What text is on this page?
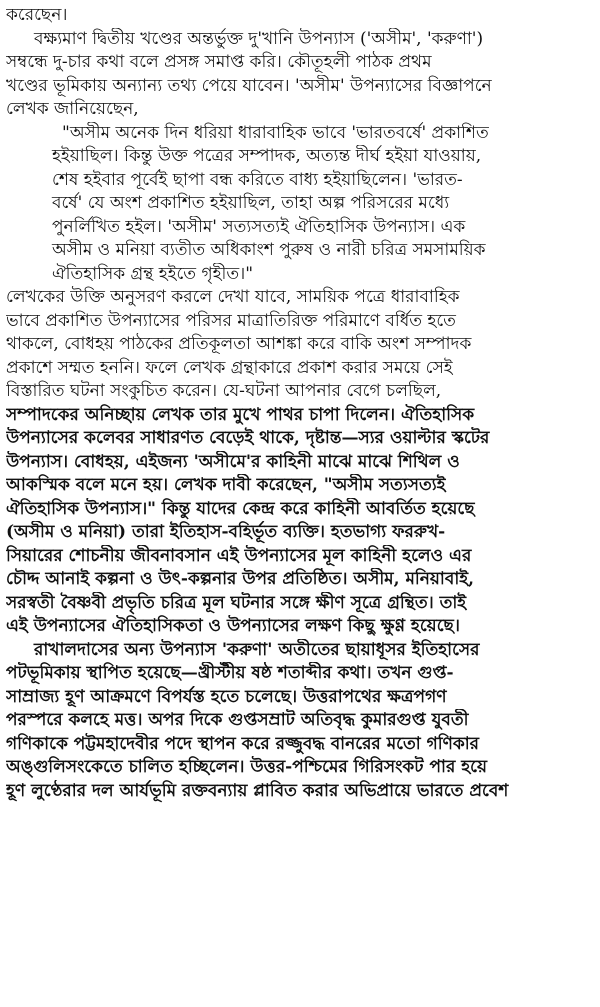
করেছেন।
বক্ষ্যমাণ দ্বিতীয় খণ্ডের অন্তর্ভুক্ত দু'খানি উপন্যাস ('অসীম', 'করুণা')
সম্বন্ধে দু-চার কথা বলে প্রসঙ্গ সমাপ্ত করি। কৌতূহলী পাঠক প্রথম
খণ্ডের ভূমিকায় অন্যান্য তথ্য পেয়ে যাবেন। 'অসীম' উপন্যাসের বিজ্ঞাপনে
লেখক জানিয়েছেন,
"অসীম অনেক দিন ধরিয়া ধারাবাহিক ভাবে 'ভারতবর্ষে' প্রকাশিত
হইয়াছিল। কিন্তু উক্ত পত্রের সম্পাদক, অত্যন্ত দীর্ঘ হইয়া যাওয়ায়,
শেষ হইবার পূর্বেই ছাপা বন্ধ করিতে বাধ্য হইয়াছিলেন। 'ভারত-
বর্ষে' যে অংশ প্রকাশিত হইয়াছিল, তাহা অল্প পরিসরের মধ্যে
পুনর্লিখিত হইল। 'অসীম' সত্যসত্যই ঐতিহাসিক উপন্যাস। এক
অসীম ও মনিয়া ব্যতীত অধিকাংশ পুরুষ ও নারী চরিত্র সমসাময়িক
ঐতিহাসিক গ্রন্থ হইতে গৃহীত।"
লেখকের উক্তি অনুসরণ করলে দেখা যাবে, সাময়িক পত্রে ধারাবাহিক
ভাবে প্রকাশিত উপন্যাসের পরিসর মাত্রাতিরিক্ত পরিমাণে বর্ধিত হতে
থাকলে, বোধহয় পাঠকের প্রতিকূলতা আশঙ্কা করে বাকি অংশ সম্পাদক
প্রকাশে সম্মত হননি। ফলে লেখক গ্রন্থাকারে প্রকাশ করার সময়ে সেই
বিস্তারিত ঘটনা সংকুচিত করেন। যে-ঘটনা আপনার বেগে চলছিল,
সম্পাদকের অনিচ্ছায় লেখক তার মুখে পাথর চাপা দিলেন। ঐতিহাসিক
উপন্যাসের কলেবর সাধারণত বেড়েই থাকে, দৃষ্টান্ত—স্যর ওয়াল্টার স্কটের
উপন্যাস। বোধহয়, এইজন্য 'অসীমে'র কাহিনী মাঝে মাঝে শিথিল ও
আকস্মিক বলে মনে হয়। লেখক দাবী করেছেন, "অসীম সত্যসত্যই
ঐতিহাসিক উপন্যাস।" কিন্তু যাদের কেন্দ্র করে কাহিনী আবর্তিত হয়েছে
(অসীম ও মনিয়া) তারা ইতিহাস-বহির্ভূত ব্যক্তি। হতভাগ্য ফররুখ-
সিয়ারের শোচনীয় জীবনাবসান এই উপন্যাসের মূল কাহিনী হলেও এর
চৌদ্দ আনাই কল্পনা ও উৎ-কল্পনার উপর প্রতিষ্ঠিত। অসীম, মনিয়াবাই,
সরস্বতী বৈষ্ণবী প্রভৃতি চরিত্র মূল ঘটনার সঙ্গে ক্ষীণ সূত্রে গ্রন্থিত। তাই
এই উপন্যাসের ঐতিহাসিকতা ও উপন্যাসের লক্ষণ কিছু ক্ষুণ্ণ হয়েছে।
রাখালদাসের অন্য উপন্যাস 'করুণা' অতীতের ছায়াধূসর ইতিহাসের
পটভূমিকায় স্থাপিত হয়েছে—খ্রীস্টীয় ষষ্ঠ শতাব্দীর কথা। তখন গুপ্ত-
সাম্রাজ্য হূণ আক্রমণে বিপর্যস্ত হতে চলেছে। উত্তরাপথের ক্ষত্রপগণ
পরস্পরে কলহে মত্ত। অপর দিকে গুপ্তসম্রাট অতিবৃদ্ধ কুমারগুপ্ত যুবতী
গণিকাকে পট্টমহাদেবীর পদে স্থাপন করে রজ্জুবদ্ধ বানরের মতো গণিকার
অঙ্গুলিসংকেতে চালিত হচ্ছিলেন। উত্তর-পশ্চিমের গিরিসংকট পার হয়ে
হূণ লুণ্ঠেরার দল আর্যভূমি রক্তবন্যায় প্লাবিত করার অভিপ্রায়ে ভারতে প্রবেশ
